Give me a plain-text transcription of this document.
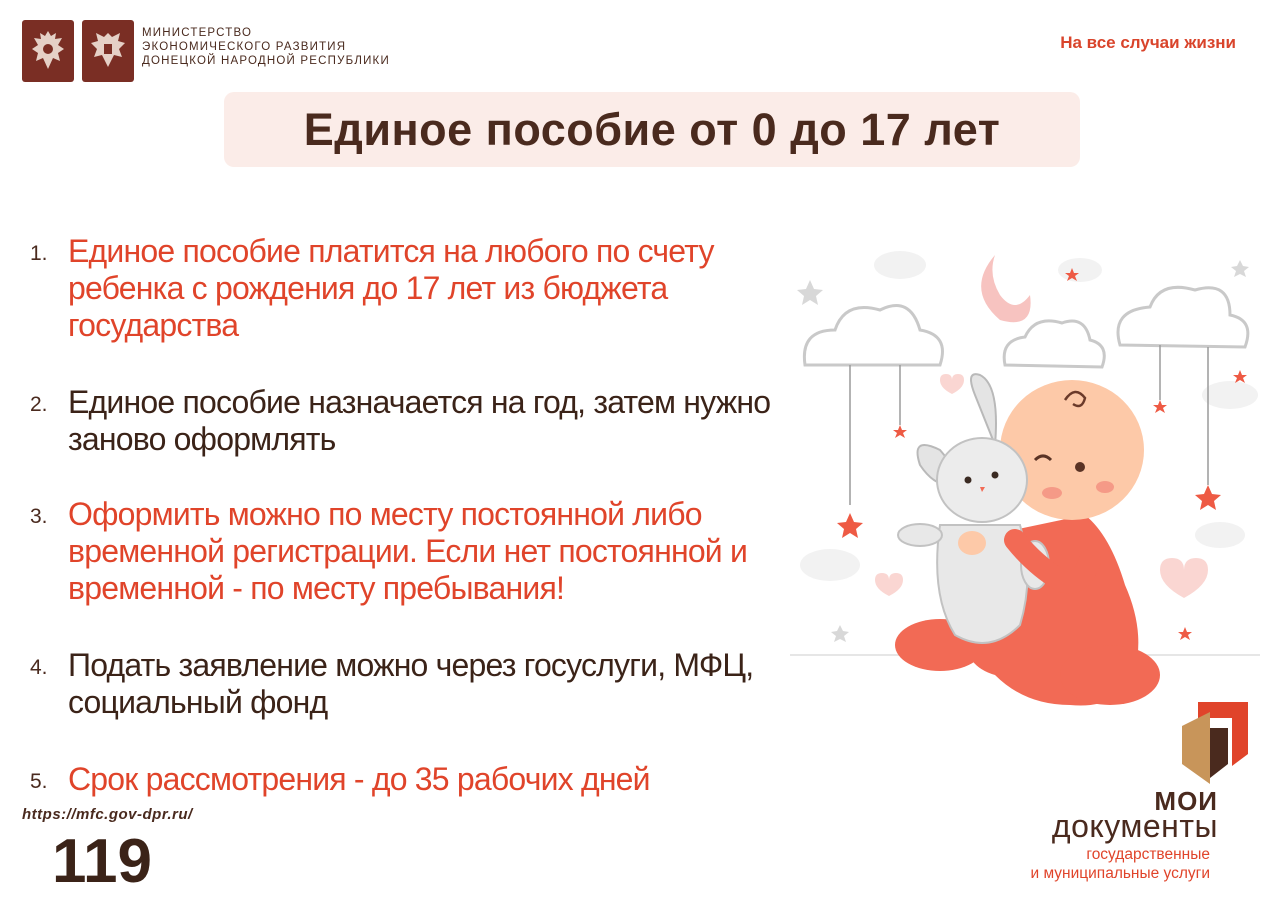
МИНИСТЕРСТВО
ЭКОНОМИЧЕСКОГО РАЗВИТИЯ
ДОНЕЦКОЙ НАРОДНОЙ РЕСПУБЛИКИ
На все случаи жизни
Единое пособие от 0 до 17 лет
1. Единое пособие платится на любого по счету ребенка с рождения до 17 лет из бюджета государства
2. Единое пособие назначается на год, затем нужно заново оформлять
3. Оформить можно по месту постоянной либо временной регистрации. Если нет постоянной и временной - по месту пребывания!
4. Подать заявление можно через госуслуги, МФЦ, социальный фонд
5. Срок рассмотрения - до 35 рабочих дней
МОИ
документы
государственные
и муниципальные услуги
https://mfc.gov-dpr.ru/
119
